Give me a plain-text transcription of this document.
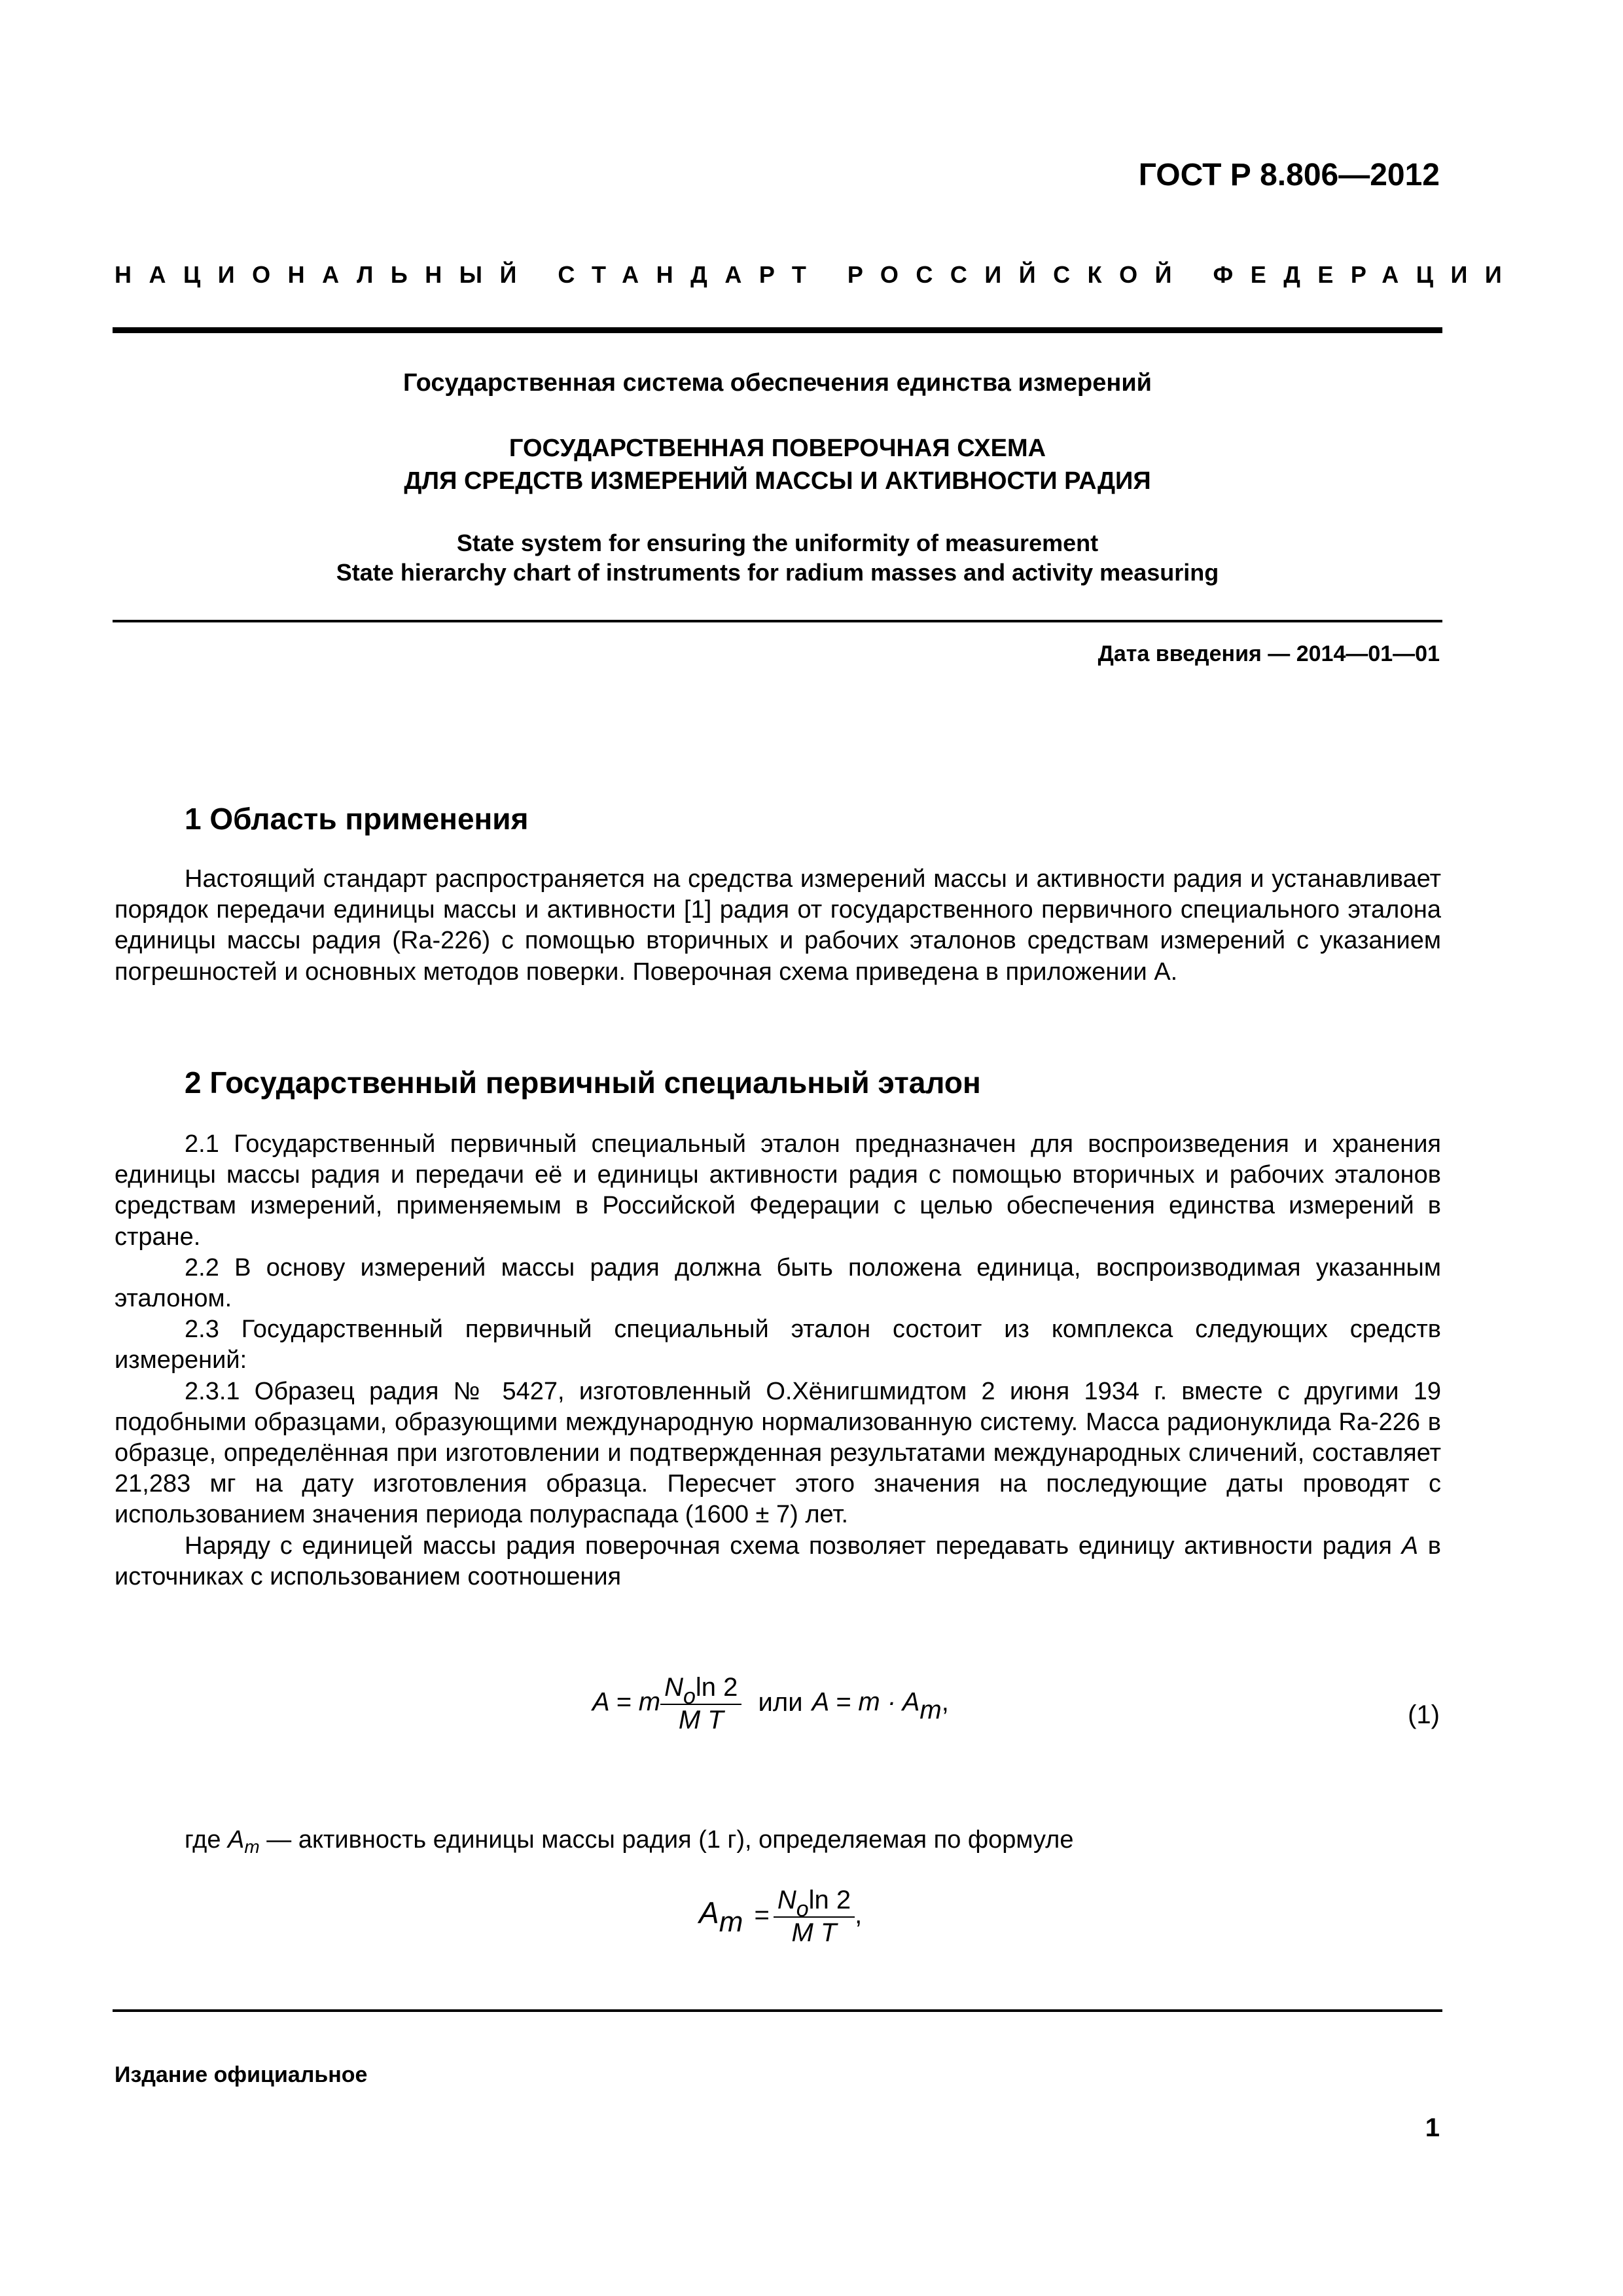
ГОСТ Р 8.806—2012
НАЦИОНАЛЬНЫЙ СТАНДАРТ РОССИЙСКОЙ ФЕДЕРАЦИИ
Государственная система обеспечения единства измерений
ГОСУДАРСТВЕННАЯ ПОВЕРОЧНАЯ СХЕМА
ДЛЯ СРЕДСТВ ИЗМЕРЕНИЙ МАССЫ И АКТИВНОСТИ РАДИЯ
State system for ensuring the uniformity of measurement
State hierarchy chart of instruments for radium masses and activity measuring
Дата введения — 2014—01—01
1 Область применения

Настоящий стандарт распространяется на средства измерений массы и активности радия и устанавливает порядок передачи единицы массы и активности [1] радия от государственного первичного специального эталона единицы массы радия (Ra-226) с помощью вторичных и рабочих эталонов средствам измерений с указанием погрешностей и основных методов поверки. Поверочная схема приведена в приложении А.

2 Государственный первичный специальный эталон

2.1 Государственный первичный специальный эталон предназначен для воспроизведения и хранения единицы массы радия и передачи её и единицы активности радия с помощью вторичных и рабочих эталонов средствам измерений, применяемым в Российской Федерации с целью обеспечения единства измерений в стране.

2.2 В основу измерений массы радия должна быть положена единица, воспроизводимая указанным эталоном.

2.3 Государственный первичный специальный эталон состоит из комплекса следующих средств измерений:

2.3.1 Образец радия № 5427, изготовленный О.Хёнигшмидтом 2 июня 1934 г. вместе с другими 19 подобными образцами, образующими международную нормализованную систему. Масса радионуклида Ra-226 в образце, определённая при изготовлении и подтвержденная результатами международных сличений, составляет 21,283 мг на дату изготовления образца. Пересчет этого значения на последующие даты проводят с использованием значения периода полураспада (1600 ± 7) лет.

Наряду с единицей массы радия поверочная схема позволяет передавать единицу активности радия A в источниках с использованием соотношения

A = m $\frac{N_o\ln 2}{\text{M T}}$ или A = m · Am,	(1)
где $A_m$ — активность единицы массы радия (1 г), определяемая по формуле
$Am = \frac{N_o\ln 2}{\text{M T}}$ ,
Издание официальное
1
